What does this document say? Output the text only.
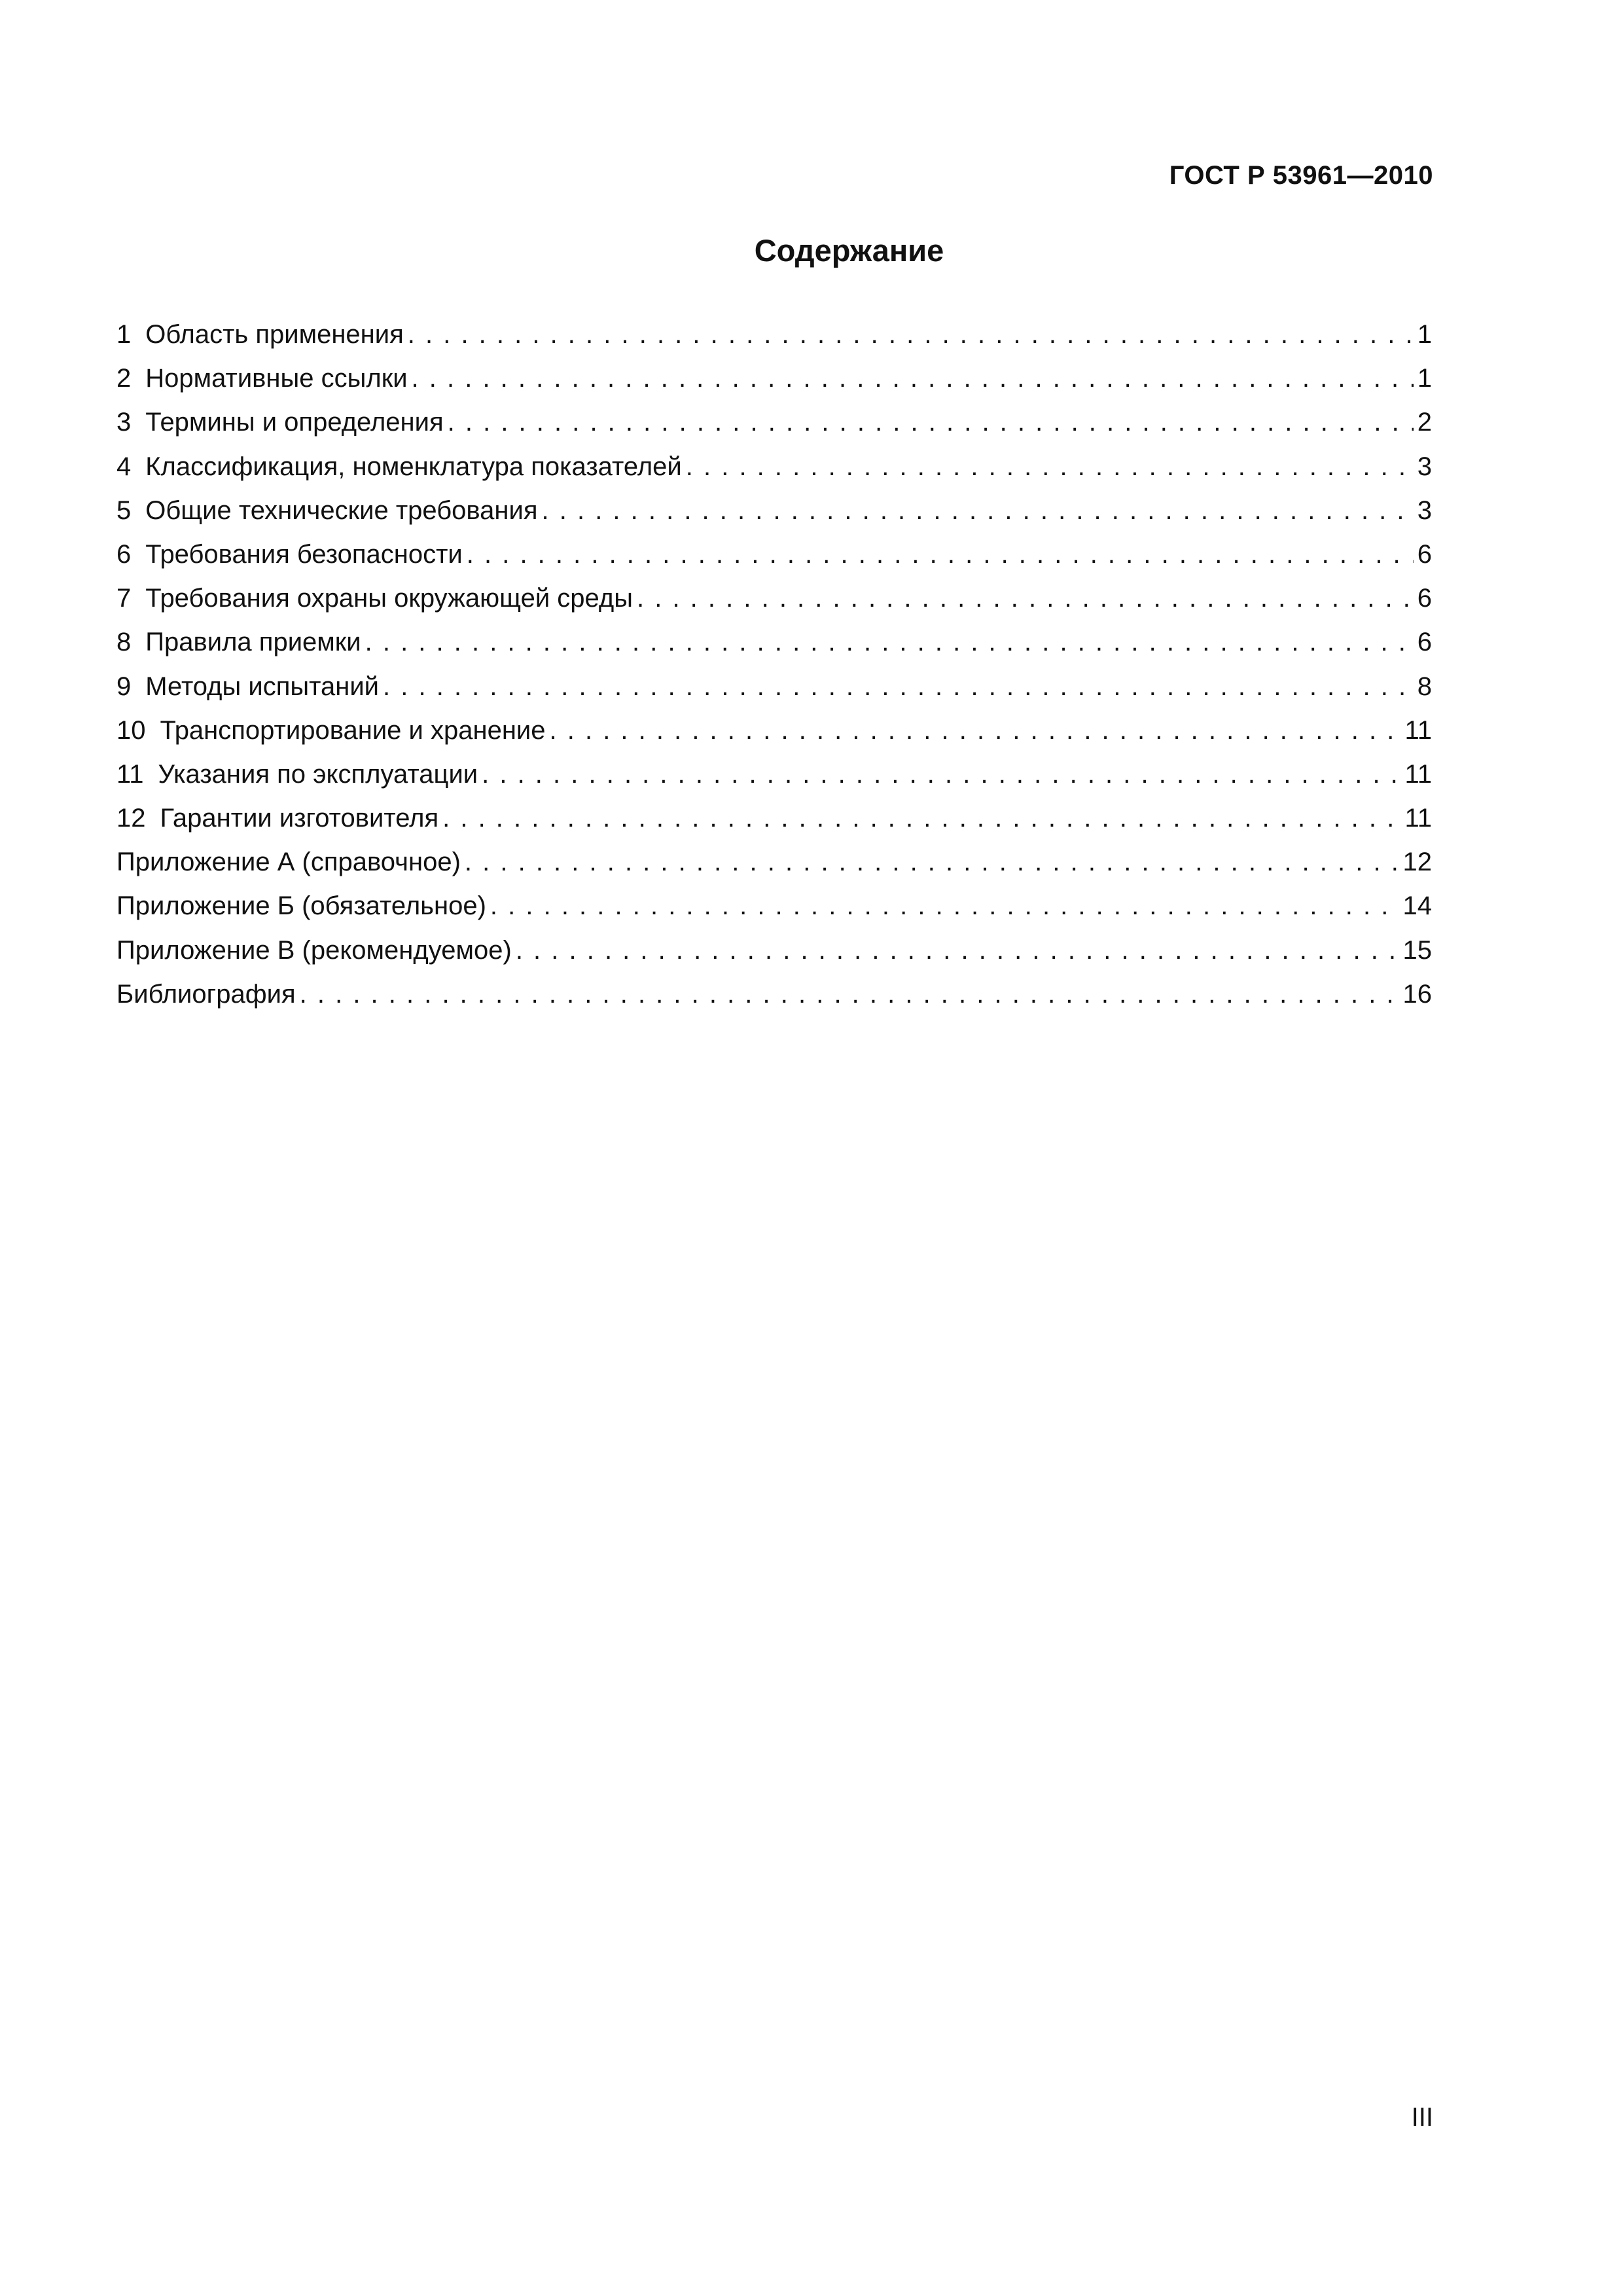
ГОСТ Р 53961—2010
Содержание
1 Область применения . . .	1
2 Нормативные ссылки . . .	1
3 Термины и определения . . .	2
4 Классификация, номенклатура показателей . . .	3
5 Общие технические требования . . .	3
6 Требования безопасности . . .	6
7 Требования охраны окружающей среды . . .	6
8 Правила приемки . . .	6
9 Методы испытаний . . .	8
10 Транспортирование и хранение . . .	11
11 Указания по эксплуатации . . .	11
12 Гарантии изготовителя . . .	11
Приложение А (справочное) . . .	12
Приложение Б (обязательное) . . .	14
Приложение В (рекомендуемое) . . .	15
Библиография . . .	16
III
